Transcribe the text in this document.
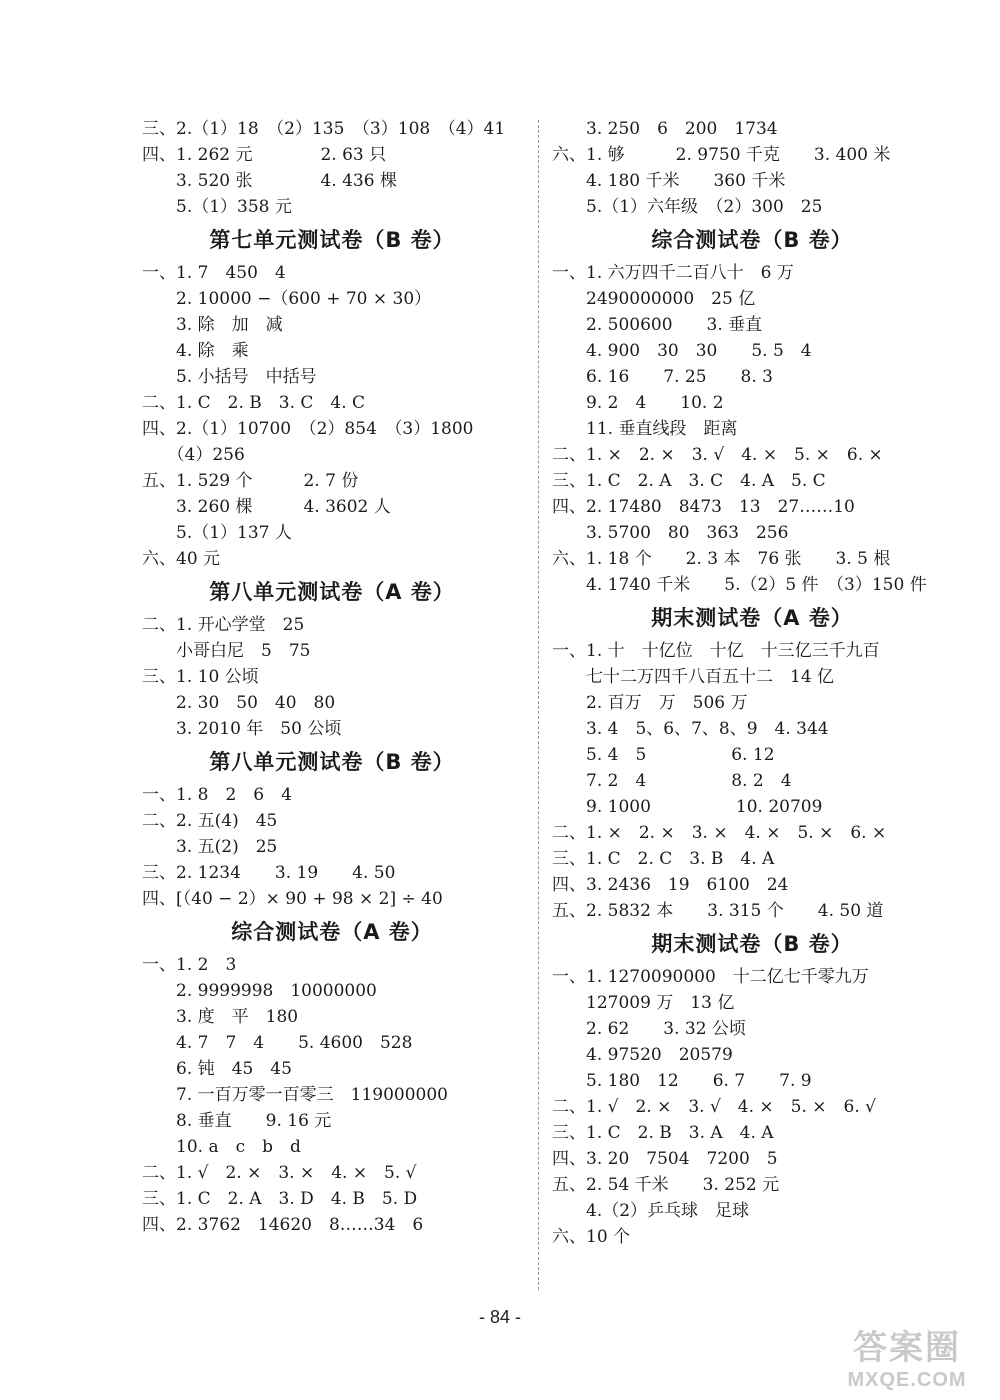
三、2.（1）18　（2）135　（3）108　（4）41
四、1. 262 元　　　　2. 63 只
　　3. 520 张　　　　4. 436 棵
　　5.（1）358 元
第七单元测试卷（B 卷）
一、1. 7　450　4
　　2. 10000 −（600 + 70 × 30）
　　3. 除　加　减
　　4. 除　乘
　　5. 小括号　中括号
二、1. C　2. B　3. C　4. C
四、2.（1）10700　（2）854　（3）1800
　　（4）256
五、1. 529 个　　　2. 7 份
　　3. 260 棵　　　4. 3602 人
　　5.（1）137 人
六、40 元
第八单元测试卷（A 卷）
二、1. 开心学堂　25
　　小哥白尼　5　75
三、1. 10 公顷
　　2. 30　50　40　80
　　3. 2010 年　50 公顷
第八单元测试卷（B 卷）
一、1. 8　2　6　4
二、2. 五(4)　45
　　3. 五(2)　25
三、2. 1234　　3. 19　　4. 50
四、[（40 − 2）× 90 + 98 × 2] ÷ 40
综合测试卷（A 卷）
一、1. 2　3
　　2. 9999998　10000000
　　3. 度　平　180
　　4. 7　7　4　　5. 4600　528
　　6. 钝　45　45
　　7. 一百万零一百零三　119000000
　　8. 垂直　　9. 16 元
　　10. a　c　b　d
二、1. √　2. ×　3. ×　4. ×　5. √
三、1. C　2. A　3. D　4. B　5. D
四、2. 3762　14620　8……34　6
　　3. 250　6　200　1734
六、1. 够　　　2. 9750 千克　　3. 400 米
　　4. 180 千米　　360 千米
　　5.（1）六年级　（2）300　25
综合测试卷（B 卷）
一、1. 六万四千二百八十　6 万
　　2490000000　25 亿
　　2. 500600　　3. 垂直
　　4. 900　30　30　　5. 5　4
　　6. 16　　7. 25　　8. 3
　　9. 2　4　　10. 2
　　11. 垂直线段　距离
二、1. ×　2. ×　3. √　4. ×　5. ×　6. ×
三、1. C　2. A　3. C　4. A　5. C
四、2. 17480　8473　13　27……10
　　3. 5700　80　363　256
六、1. 18 个　　2. 3 本　76 张　　3. 5 根
　　4. 1740 千米　　5.（2）5 件　（3）150 件
期末测试卷（A 卷）
一、1. 十　十亿位　十亿　十三亿三千九百
　　七十二万四千八百五十二　14 亿
　　2. 百万　万　506 万
　　3. 4　5、6、7、8、9　4. 344
　　5. 4　5　　　　　6. 12
　　7. 2　4　　　　　8. 2　4
　　9. 1000　　　　　10. 20709
二、1. ×　2. ×　3. ×　4. ×　5. ×　6. ×
三、1. C　2. C　3. B　4. A
四、3. 2436　19　6100　24
五、2. 5832 本　　3. 315 个　　4. 50 道
期末测试卷（B 卷）
一、1. 1270090000　十二亿七千零九万
　　127009 万　13 亿
　　2. 62　　3. 32 公顷
　　4. 97520　20579
　　5. 180　12　　6. 7　　7. 9
二、1. √　2. ×　3. √　4. ×　5. ×　6. √
三、1. C　2. B　3. A　4. A
四、3. 20　7504　7200　5
五、2. 54 千米　　3. 252 元
　　4.（2）乒乓球　足球
六、10 个
- 84 -
答案圈
MXQE.COM
